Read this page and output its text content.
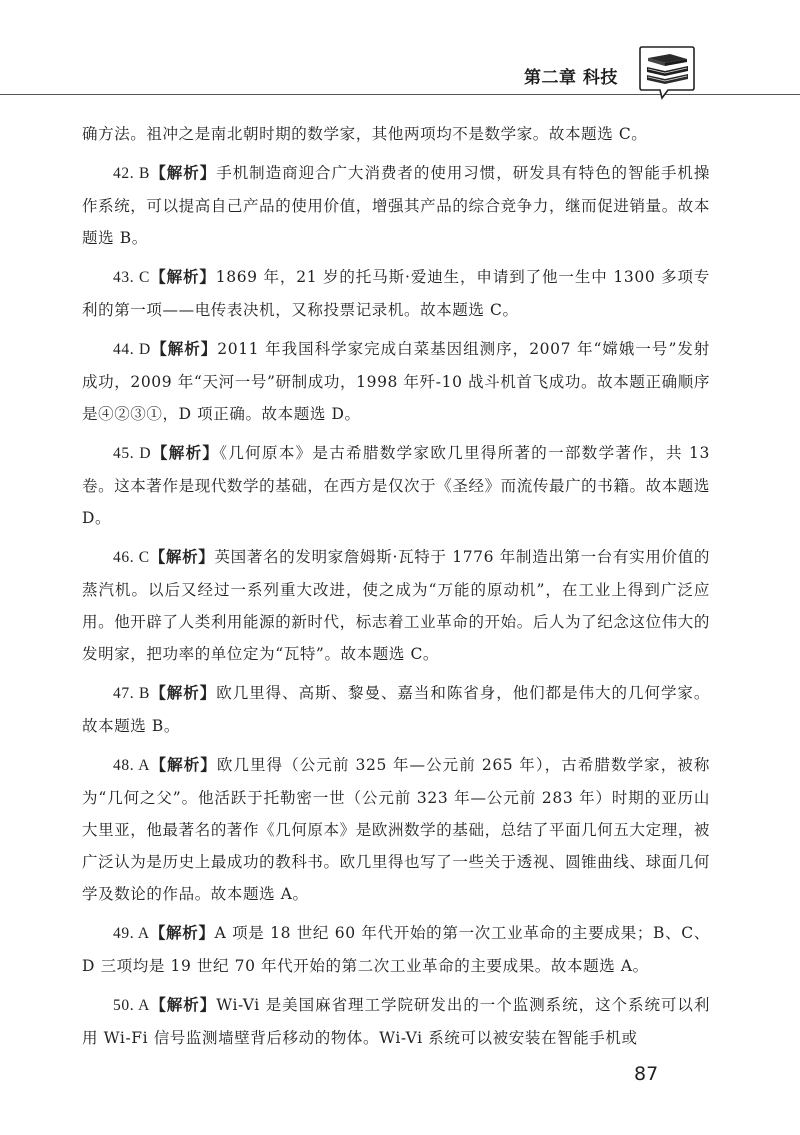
第二章 科技

确方法。祖冲之是南北朝时期的数学家，其他两项均不是数学家。故本题选 C。

42. B【解析】手机制造商迎合广大消费者的使用习惯，研发具有特色的智能手机操作系统，可以提高自己产品的使用价值，增强其产品的综合竞争力，继而促进销量。故本题选 B。

43. C【解析】1869 年，21 岁的托马斯·爱迪生，申请到了他一生中 1300 多项专利的第一项——电传表决机，又称投票记录机。故本题选 C。

44. D【解析】2011 年我国科学家完成白菜基因组测序，2007 年“嫦娥一号”发射成功，2009 年“天河一号”研制成功，1998 年歼-10 战斗机首飞成功。故本题正确顺序是④②③①，D 项正确。故本题选 D。

45. D【解析】《几何原本》是古希腊数学家欧几里得所著的一部数学著作，共 13 卷。这本著作是现代数学的基础，在西方是仅次于《圣经》而流传最广的书籍。故本题选 D。

46. C【解析】英国著名的发明家詹姆斯·瓦特于 1776 年制造出第一台有实用价值的蒸汽机。以后又经过一系列重大改进，使之成为“万能的原动机”，在工业上得到广泛应用。他开辟了人类利用能源的新时代，标志着工业革命的开始。后人为了纪念这位伟大的发明家，把功率的单位定为“瓦特”。故本题选 C。

47. B【解析】欧几里得、高斯、黎曼、嘉当和陈省身，他们都是伟大的几何学家。故本题选 B。

48. A【解析】欧几里得（公元前 325 年—公元前 265 年），古希腊数学家，被称为“几何之父”。他活跃于托勒密一世（公元前 323 年—公元前 283 年）时期的亚历山大里亚，他最著名的著作《几何原本》是欧洲数学的基础，总结了平面几何五大定理，被广泛认为是历史上最成功的教科书。欧几里得也写了一些关于透视、圆锥曲线、球面几何学及数论的作品。故本题选 A。

49. A【解析】A 项是 18 世纪 60 年代开始的第一次工业革命的主要成果；B、C、D 三项均是 19 世纪 70 年代开始的第二次工业革命的主要成果。故本题选 A。

50. A【解析】Wi-Vi 是美国麻省理工学院研发出的一个监测系统，这个系统可以利用 Wi-Fi 信号监测墙壁背后移动的物体。Wi-Vi 系统可以被安装在智能手机或

87
